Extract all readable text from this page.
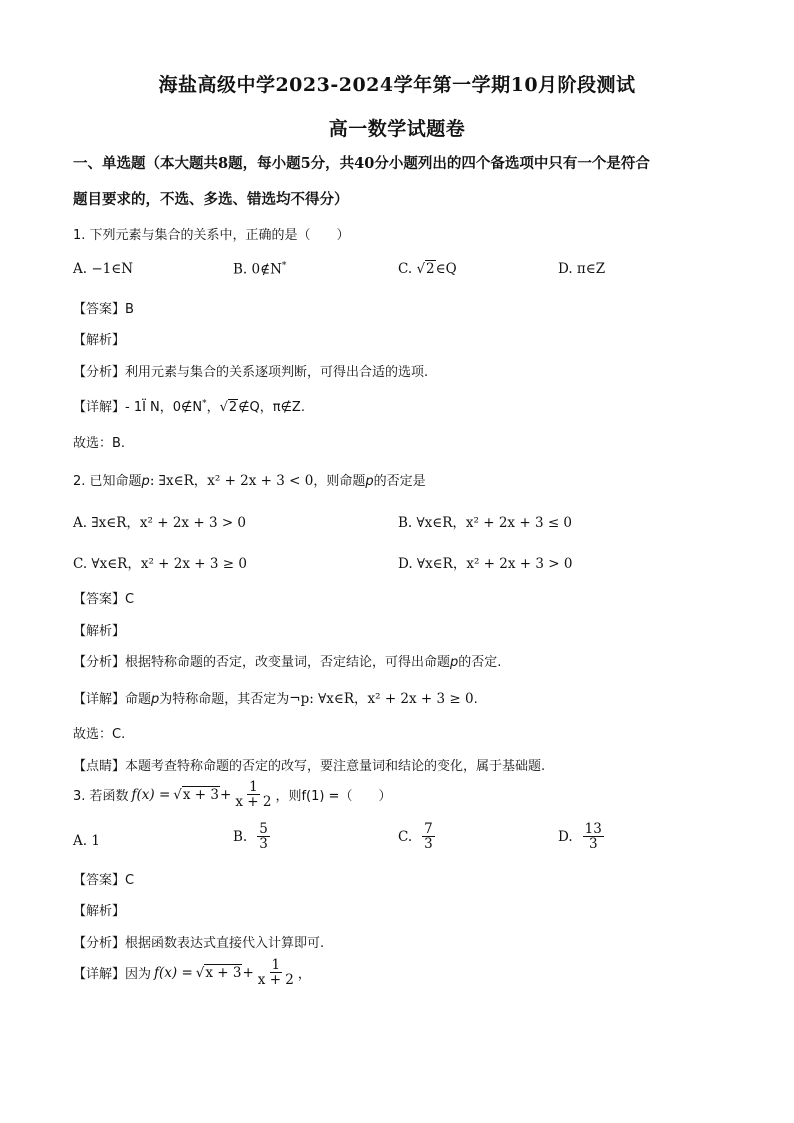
海盐高级中学2023-2024学年第一学期10月阶段测试
高一数学试题卷
一、单选题（本大题共8题，每小题5分，共40分小题列出的四个备选项中只有一个是符合
题目要求的，不选、多选、错选均不得分）
1. 下列元素与集合的关系中，正确的是（　　）
A. −1∈N	B. 0∉N*	C. √2∈Q	D. π∈Z
【答案】B
【解析】
【分析】利用元素与集合的关系逐项判断，可得出合适的选项.
【详解】- 1Ï N，0∉N*，√2∉Q，π∉Z.
故选：B.
2. 已知命题p: ∃x∈R，x² + 2x + 3 < 0，则命题p的否定是
A. ∃x∈R，x² + 2x + 3 > 0	B. ∀x∈R，x² + 2x + 3 ≤ 0
C. ∀x∈R，x² + 2x + 3 ≥ 0	D. ∀x∈R，x² + 2x + 3 > 0
【答案】C
【解析】
【分析】根据特称命题的否定，改变量词，否定结论，可得出命题p的否定.
【详解】命题p为特称命题，其否定为¬p: ∀x∈R，x² + 2x + 3 ≥ 0.
故选：C.
【点睛】本题考查特称命题的否定的改写，要注意量词和结论的变化，属于基础题.
3. 若函数 $f(x) = √x + 3 + \frac{1}{x + 2}$ ，则f(1) =（　　）
A. 1	B. $\frac{5}{3}$	C. $\frac{7}{3}$	D. $\frac{13}{3}$
【答案】C
【解析】
【分析】根据函数表达式直接代入计算即可.
【详解】因为 $f(x) = √x + 3 + \frac{1}{x + 2}$ ，
